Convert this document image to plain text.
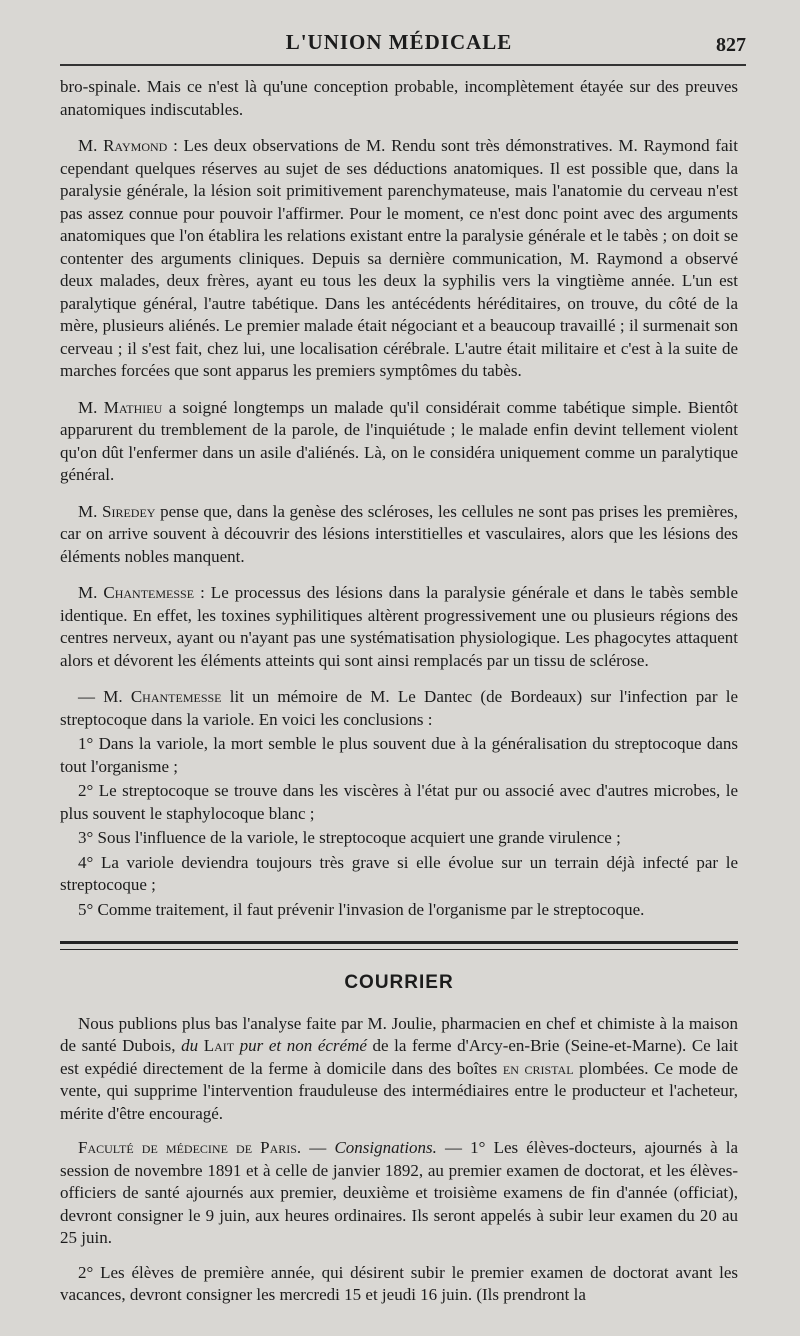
L'UNION MÉDICALE	827

bro-spinale. Mais ce n'est là qu'une conception probable, incomplètement étayée sur des preuves anatomiques indiscutables.

M. Raymond : Les deux observations de M. Rendu sont très démonstratives. M. Raymond fait cependant quelques réserves au sujet de ses déductions anatomiques. Il est possible que, dans la paralysie générale, la lésion soit primitivement parenchymateuse, mais l'anatomie du cerveau n'est pas assez connue pour pouvoir l'affirmer. Pour le moment, ce n'est donc point avec des arguments anatomiques que l'on établira les relations existant entre la paralysie générale et le tabès ; on doit se contenter des arguments cliniques. Depuis sa dernière communication, M. Raymond a observé deux malades, deux frères, ayant eu tous les deux la syphilis vers la vingtième année. L'un est paralytique général, l'autre tabétique. Dans les antécédents héréditaires, on trouve, du côté de la mère, plusieurs aliénés. Le premier malade était négociant et a beaucoup travaillé ; il surmenait son cerveau ; il s'est fait, chez lui, une localisation cérébrale. L'autre était militaire et c'est à la suite de marches forcées que sont apparus les premiers symptômes du tabès.

M. Mathieu a soigné longtemps un malade qu'il considérait comme tabétique simple. Bientôt apparurent du tremblement de la parole, de l'inquiétude ; le malade enfin devint tellement violent qu'on dût l'enfermer dans un asile d'aliénés. Là, on le considéra uniquement comme un paralytique général.

M. Siredey pense que, dans la genèse des scléroses, les cellules ne sont pas prises les premières, car on arrive souvent à découvrir des lésions interstitielles et vasculaires, alors que les lésions des éléments nobles manquent.

M. Chantemesse : Le processus des lésions dans la paralysie générale et dans le tabès semble identique. En effet, les toxines syphilitiques altèrent progressivement une ou plusieurs régions des centres nerveux, ayant ou n'ayant pas une systématisation physiologique. Les phagocytes attaquent alors et dévorent les éléments atteints qui sont ainsi remplacés par un tissu de sclérose.

— M. Chantemesse lit un mémoire de M. Le Dantec (de Bordeaux) sur l'infection par le streptocoque dans la variole. En voici les conclusions :

1° Dans la variole, la mort semble le plus souvent due à la généralisation du streptocoque dans tout l'organisme ;

2° Le streptocoque se trouve dans les viscères à l'état pur ou associé avec d'autres microbes, le plus souvent le staphylocoque blanc ;

3° Sous l'influence de la variole, le streptocoque acquiert une grande virulence ;

4° La variole deviendra toujours très grave si elle évolue sur un terrain déjà infecté par le streptocoque ;

5° Comme traitement, il faut prévenir l'invasion de l'organisme par le streptocoque.

COURRIER

Nous publions plus bas l'analyse faite par M. Joulie, pharmacien en chef et chimiste à la maison de santé Dubois, du Lait pur et non écrémé de la ferme d'Arcy-en-Brie (Seine-et-Marne). Ce lait est expédié directement de la ferme à domicile dans des boîtes en cristal plombées. Ce mode de vente, qui supprime l'intervention frauduleuse des intermédiaires entre le producteur et l'acheteur, mérite d'être encouragé.

Faculté de médecine de Paris. — Consignations. — 1° Les élèves-docteurs, ajournés à la session de novembre 1891 et à celle de janvier 1892, au premier examen de doctorat, et les élèves-officiers de santé ajournés aux premier, deuxième et troisième examens de fin d'année (officiat), devront consigner le 9 juin, aux heures ordinaires. Ils seront appelés à subir leur examen du 20 au 25 juin.

2° Les élèves de première année, qui désirent subir le premier examen de doctorat avant les vacances, devront consigner les mercredi 15 et jeudi 16 juin. (Ils prendront la
